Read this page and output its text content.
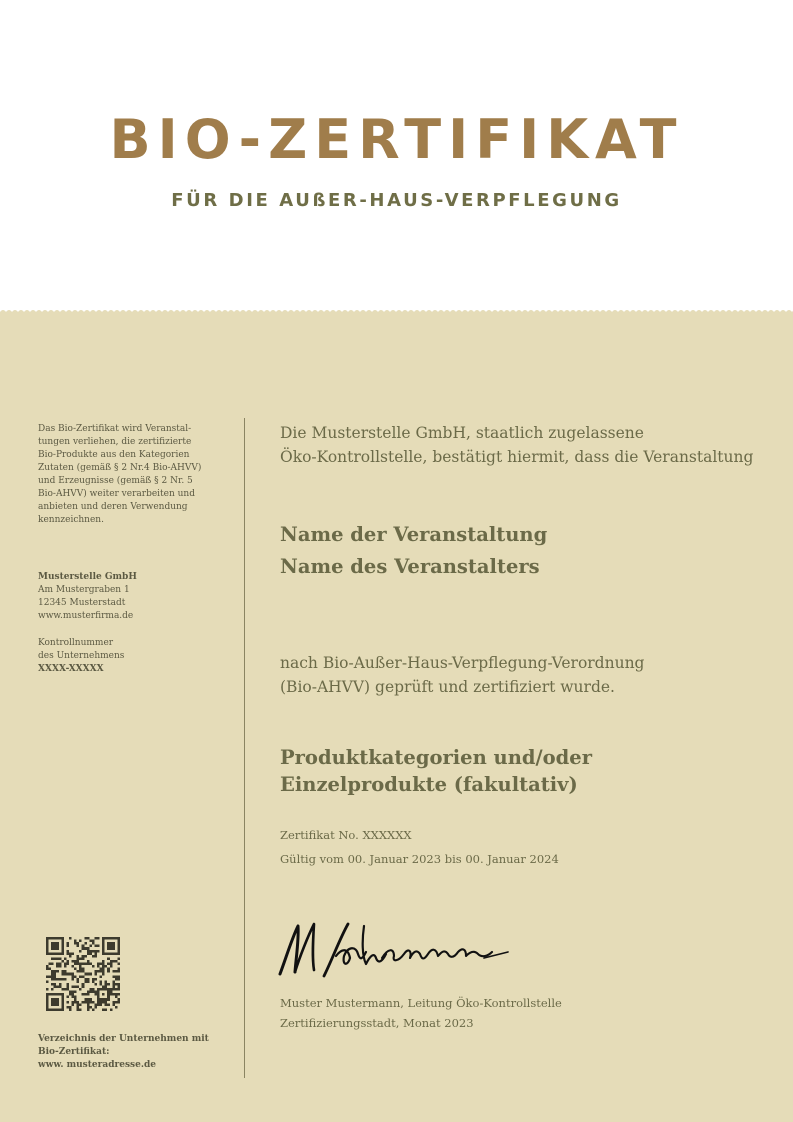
BIO-ZERTIFIKAT
FÜR DIE AUßER-HAUS-VERPFLEGUNG

Das Bio-Zertifikat wird Veranstal-

tungen verliehen, die zertifizierte

Bio-Produkte aus den Kategorien

Zutaten (gemäß § 2 Nr.4 Bio-AHVV)

und Erzeugnisse (gemäß § 2 Nr. 5

Bio-AHVV) weiter verarbeiten und

anbieten und deren Verwendung

kennzeichnen.

Musterstelle GmbH

Am Mustergraben 1

12345 Musterstadt

www.musterfirma.de

Kontrollnummer

des Unternehmens

XXXX-XXXXX

Verzeichnis der Unternehmen mit

Bio-Zertifikat:

www. musteradresse.de

Die Musterstelle GmbH, staatlich zugelassene

Öko-Kontrollstelle, bestätigt hiermit, dass die Veranstaltung

Name der Veranstaltung

Name des Veranstalters

nach Bio-Außer-Haus-Verpflegung-Verordnung

(Bio-AHVV) geprüft und zertifiziert wurde.

Produktkategorien und/oder

Einzelprodukte (fakultativ)

Zertifikat No. XXXXXX

Gültig vom 00. Januar 2023 bis 00. Januar 2024

Muster Mustermann, Leitung Öko-Kontrollstelle

Zertifizierungsstadt, Monat 2023
